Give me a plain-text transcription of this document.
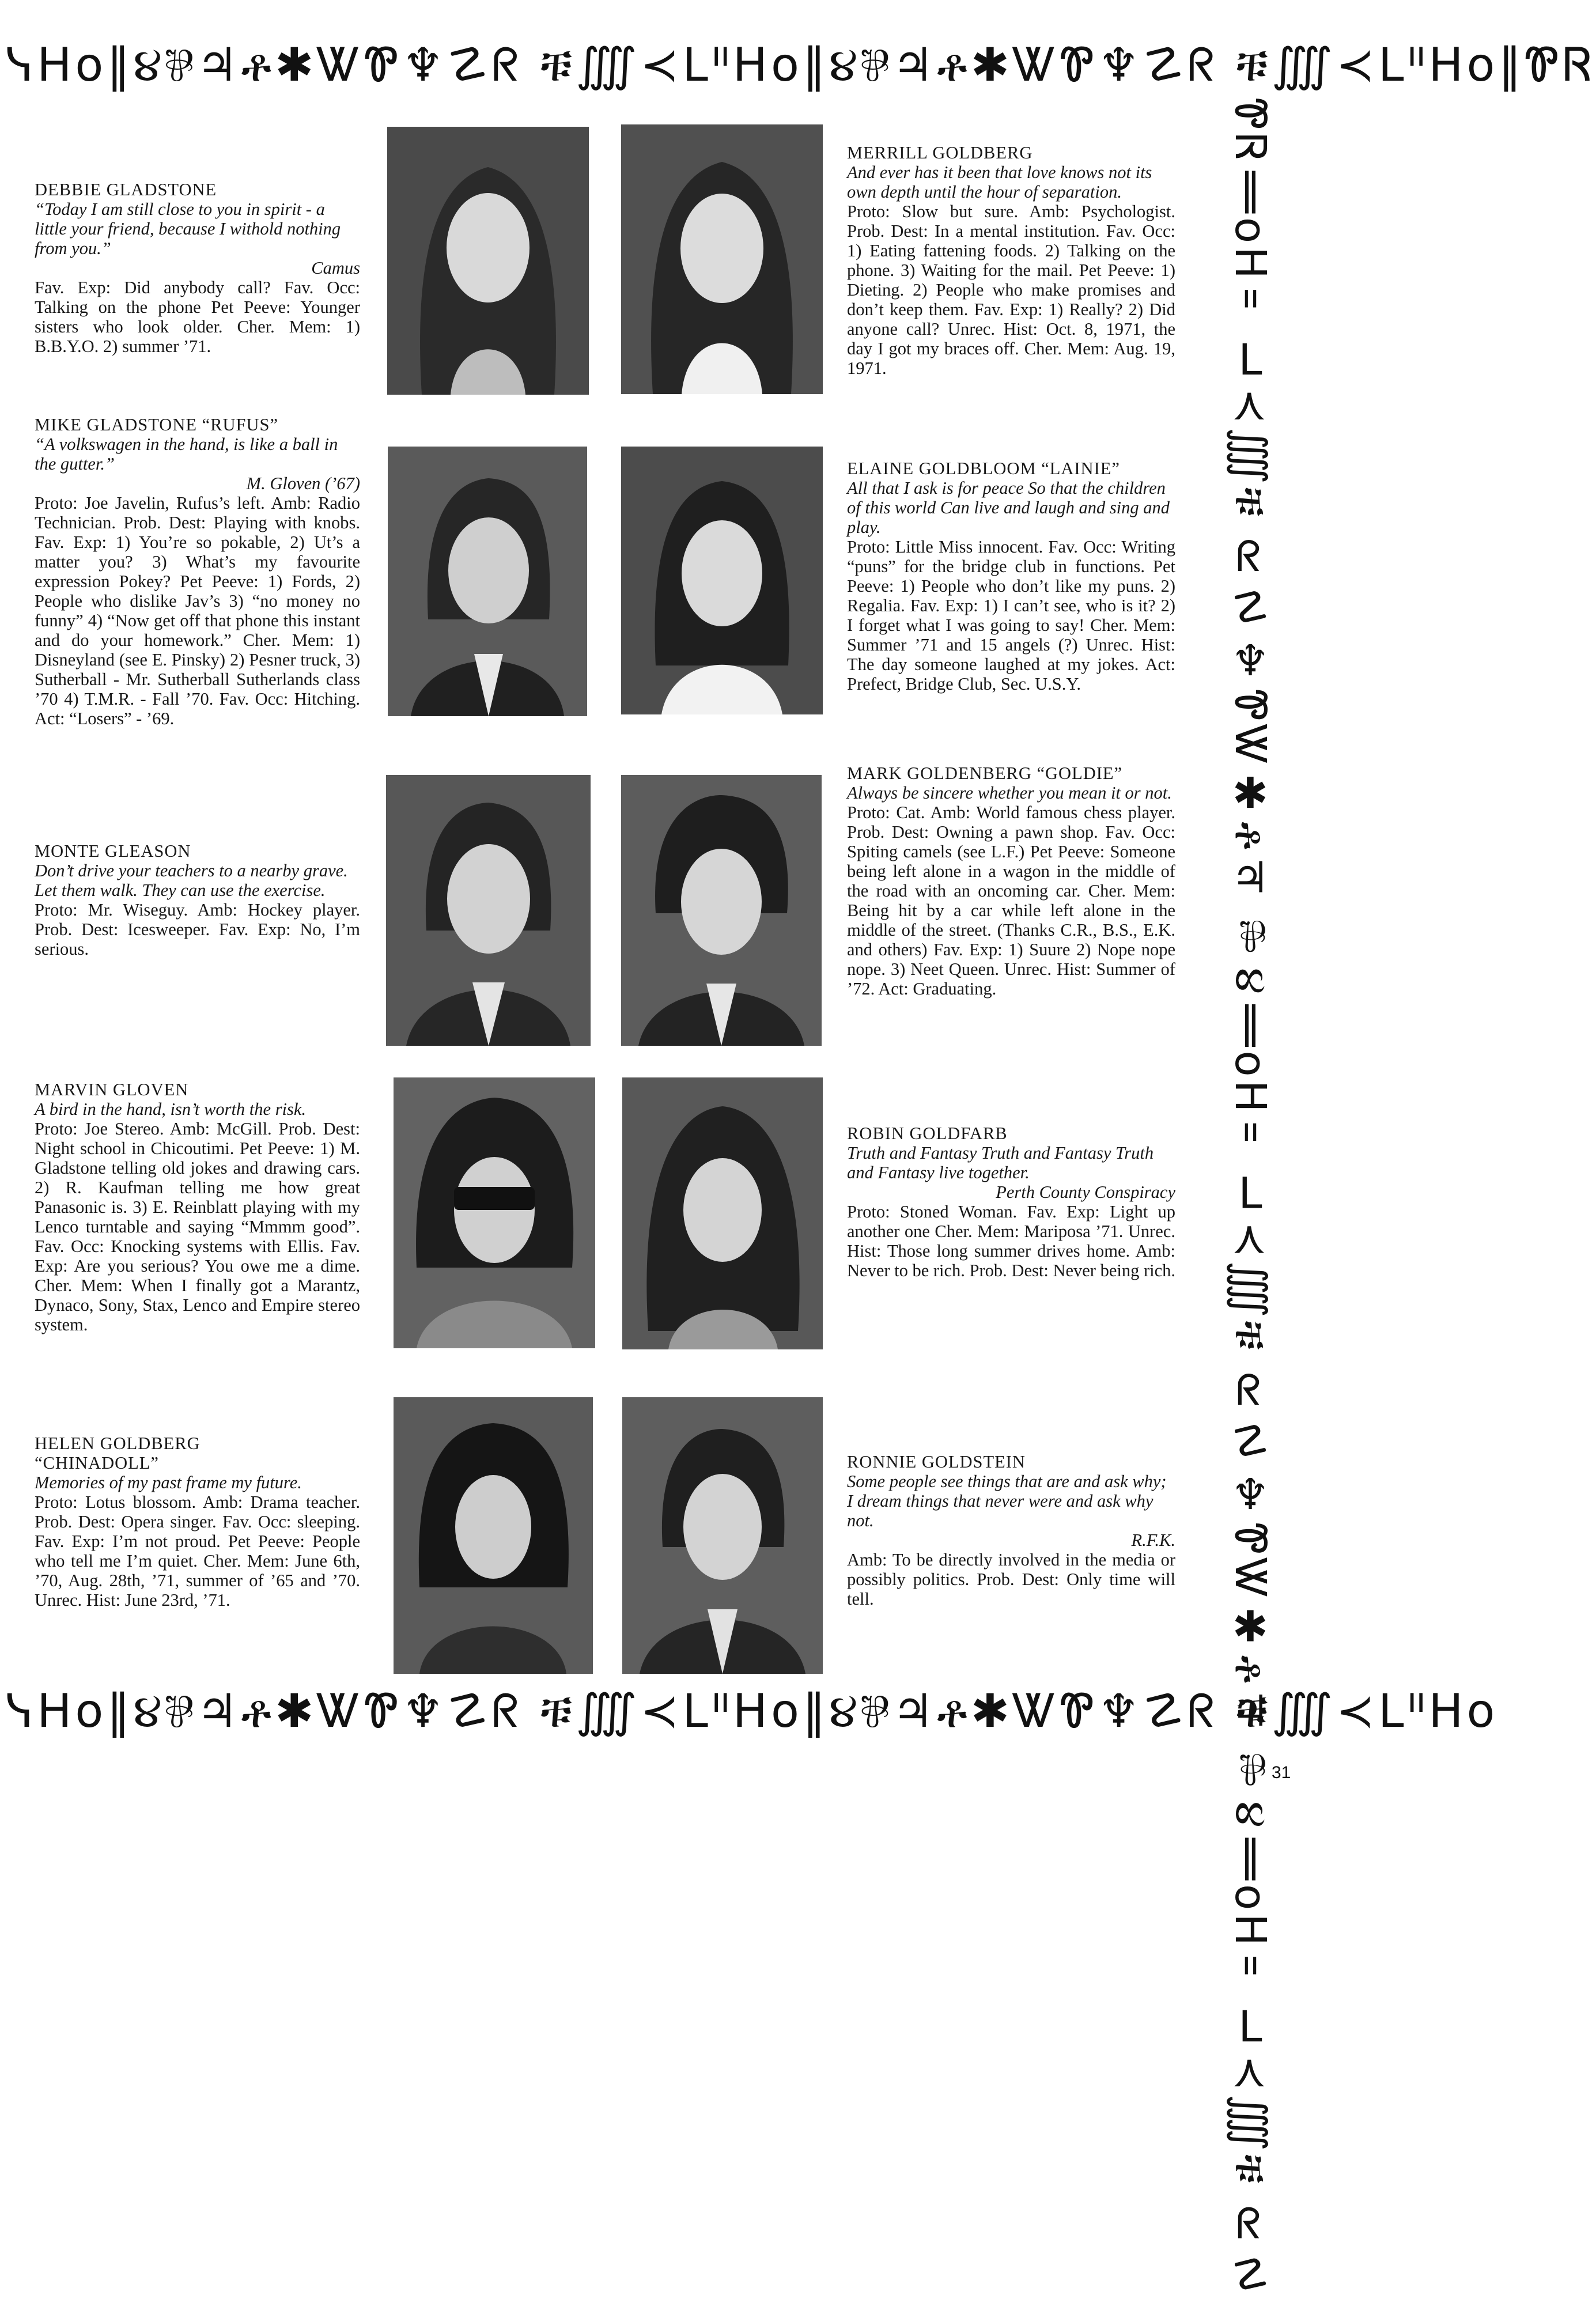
ᓭHo‖૪⅌♃ቶ✱ᏔᏈ♆☡ᖇ ቹ⨌≺ᒪᐦHo‖૪⅌♃ቶ✱ᏔᏈ♆☡ᖇ ቹ⨌≺ᒪᐦHo‖ᏈᏒ
ᏈᏒ‖oHᐦᒪ≺⨌ቹ ᖇ☡♆ᏈᏔ✱ቶ♃⅌૪‖oHᐦᒪ≺⨌ቹ ᖇ☡♆ᏈᏔ✱ቶ♃⅌૪‖oHᐦᒪ≺⨌ቹ ᖇ☡
ᓭHo‖૪⅌♃ቶ✱ᏔᏈ♆☡ᖇ ቹ⨌≺ᒪᐦHo‖૪⅌♃ቶ✱ᏔᏈ♆☡ᖇ ቹ⨌≺ᒪᐦHo

DEBBIE GLADSTONE

“Today I am still close to you in spirit - a little your friend, because I withold nothing from you.”
Camus
Fav. Exp: Did anybody call? Fav. Occ: Talking on the phone Pet Peeve: Younger sisters who look older. Cher. Mem: 1) B.B.Y.O. 2) summer ’71.

MIKE GLADSTONE “RUFUS”

“A volkswagen in the hand, is like a ball in the gutter.”
M. Gloven (’67)
Proto: Joe Javelin, Rufus’s left. Amb: Radio Technician. Prob. Dest: Playing with knobs. Fav. Exp: 1) You’re so pokable, 2) Ut’s a matter you? 3) What’s my favourite expression Pokey? Pet Peeve: 1) Fords, 2) People who dislike Jav’s 3) “no money no funny” 4) “Now get off that phone this instant and do your homework.” Cher. Mem: 1) Disneyland (see E. Pinsky) 2) Pesner truck, 3) Sutherball - Mr. Sutherball Sutherlands class ’70 4) T.M.R. - Fall ’70. Fav. Occ: Hitching. Act: “Losers” - ’69.

MONTE GLEASON

Don’t drive your teachers to a nearby grave. Let them walk. They can use the exercise.
Proto: Mr. Wiseguy. Amb: Hockey player. Prob. Dest: Icesweeper. Fav. Exp: No, I’m serious.

MARVIN GLOVEN

A bird in the hand, isn’t worth the risk.
Proto: Joe Stereo. Amb: McGill. Prob. Dest: Night school in Chicoutimi. Pet Peeve: 1) M. Gladstone telling old jokes and drawing cars. 2) R. Kaufman telling me how great Panasonic is. 3) E. Reinblatt playing with my Lenco turntable and saying “Mmmm good”. Fav. Occ: Knocking systems with Ellis. Fav. Exp: Are you serious? You owe me a dime. Cher. Mem: When I finally got a Marantz, Dynaco, Sony, Stax, Lenco and Empire stereo system.

HELEN GOLDBERG “CHINADOLL”

Memories of my past frame my future.
Proto: Lotus blossom. Amb: Drama teacher. Prob. Dest: Opera singer. Fav. Occ: sleeping. Fav. Exp: I’m not proud. Pet Peeve: People who tell me I’m quiet. Cher. Mem: June 6th, ’70, Aug. 28th, ’71, summer of ’65 and ’70. Unrec. Hist: June 23rd, ’71.

MERRILL GOLDBERG

And ever has it been that love knows not its own depth until the hour of separation.
Proto: Slow but sure. Amb: Psychologist. Prob. Dest: In a mental institution. Fav. Occ: 1) Eating fattening foods. 2) Talking on the phone. 3) Waiting for the mail. Pet Peeve: 1) Dieting. 2) People who make promises and don’t keep them. Fav. Exp: 1) Really? 2) Did anyone call? Unrec. Hist: Oct. 8, 1971, the day I got my braces off. Cher. Mem: Aug. 19, 1971.

ELAINE GOLDBLOOM “LAINIE”

All that I ask is for peace So that the children of this world Can live and laugh and sing and play.
Proto: Little Miss innocent. Fav. Occ: Writing “puns” for the bridge club in functions. Pet Peeve: 1) People who don’t like my puns. 2) Regalia. Fav. Exp: 1) I can’t see, who is it? 2) I forget what I was going to say! Cher. Mem: Summer ’71 and 15 angels (?) Unrec. Hist: The day someone laughed at my jokes. Act: Prefect, Bridge Club, Sec. U.S.Y.

MARK GOLDENBERG “GOLDIE”

Always be sincere whether you mean it or not.
Proto: Cat. Amb: World famous chess player. Prob. Dest: Owning a pawn shop. Fav. Occ: Spiting camels (see L.F.) Pet Peeve: Someone being left alone in a wagon in the middle of the road with an oncoming car. Cher. Mem: Being hit by a car while left alone in the middle of the street. (Thanks C.R., B.S., E.K. and others) Fav. Exp: 1) Suure 2) Nope nope nope. 3) Neet Queen. Unrec. Hist: Summer of ’72. Act: Graduating.

ROBIN GOLDFARB

Truth and Fantasy Truth and Fantasy Truth and Fantasy live together.
Perth County Conspiracy
Proto: Stoned Woman. Fav. Exp: Light up another one Cher. Mem: Mariposa ’71. Unrec. Hist: Those long summer drives home. Amb: Never to be rich. Prob. Dest: Never being rich.

RONNIE GOLDSTEIN

Some people see things that are and ask why; I dream things that never were and ask why not.
R.F.K.
Amb: To be directly involved in the media or possibly politics. Prob. Dest: Only time will tell.
31
